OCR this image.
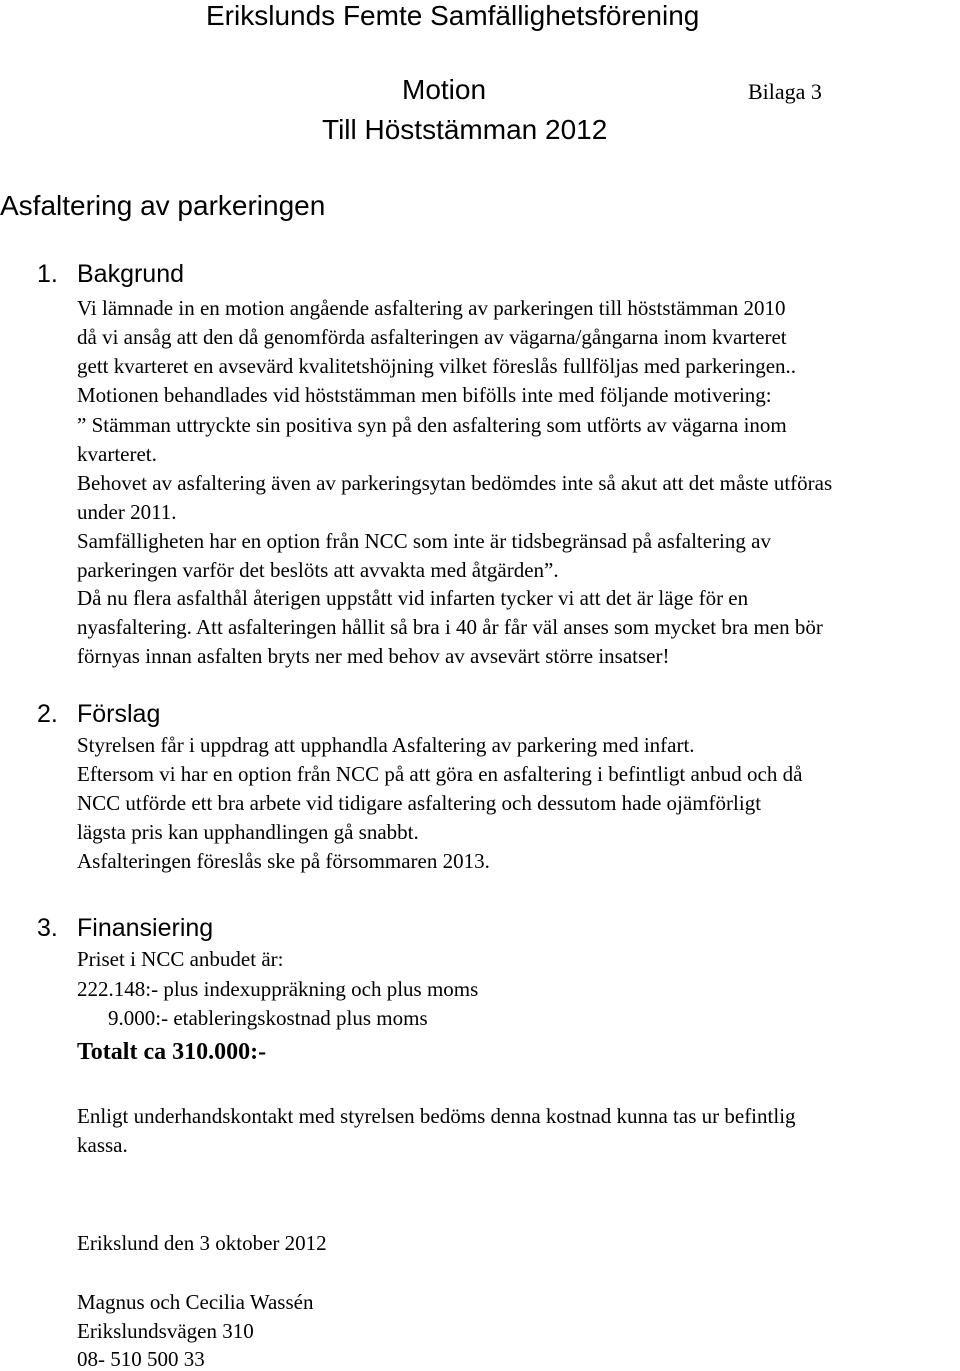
Erikslunds Femte Samfällighetsförening
Motion	Bilaga 3
Till Höststämman 2012
Asfaltering av parkeringen
1. Bakgrund
Vi lämnade in en motion angående asfaltering av parkeringen till höststämman 2010
då vi ansåg att den då genomförda asfalteringen av vägarna/gångarna inom kvarteret
gett kvarteret en avsevärd kvalitetshöjning vilket föreslås fullföljas med parkeringen..
Motionen behandlades vid höststämman men bifölls inte med följande motivering:
” Stämman uttryckte sin positiva syn på den asfaltering som utförts av vägarna inom
kvarteret.
Behovet av asfaltering även av parkeringsytan bedömdes inte så akut att det måste utföras
under 2011.
Samfälligheten har en option från NCC som inte är tidsbegränsad på asfaltering av
parkeringen varför det beslöts att avvakta med åtgärden”.
Då nu flera asfalthål återigen uppstått vid infarten tycker vi att det är läge för en
nyasfaltering. Att asfalteringen hållit så bra i 40 år får väl anses som mycket bra men bör
förnyas innan asfalten bryts ner med behov av avsevärt större insatser!
2. Förslag
Styrelsen får i uppdrag att upphandla Asfaltering av parkering med infart.
Eftersom vi har en option från NCC på att göra en asfaltering i befintligt anbud och då
NCC utförde ett bra arbete vid tidigare asfaltering och dessutom hade ojämförligt
lägsta pris kan upphandlingen gå snabbt.
Asfalteringen föreslås ske på försommaren 2013.
3. Finansiering
Priset i NCC anbudet är:
222.148:- plus indexuppräkning och plus moms
9.000:- etableringskostnad plus moms
Totalt ca 310.000:-
Enligt underhandskontakt med styrelsen bedöms denna kostnad kunna tas ur befintlig
kassa.
Erikslund den 3 oktober 2012
Magnus och Cecilia Wassén
Erikslundsvägen 310
08- 510 500 33
